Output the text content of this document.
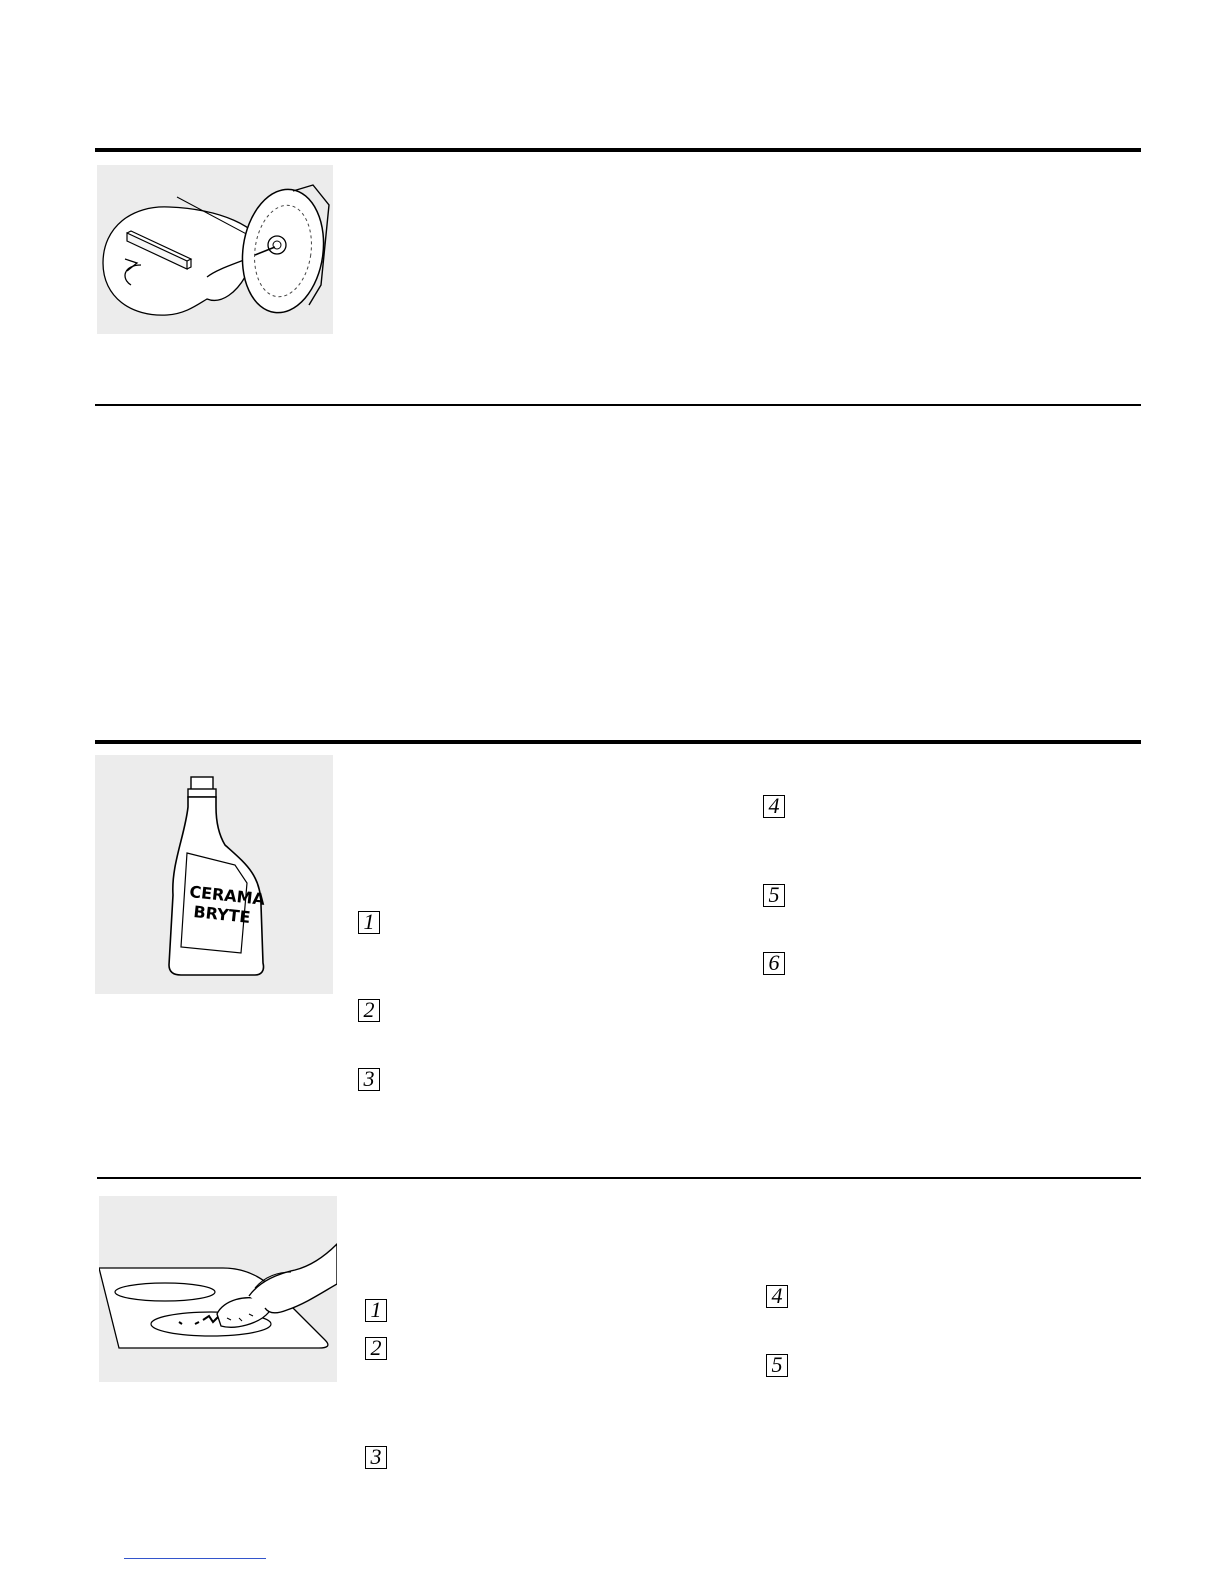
CERAMA
BRYTE	1
2
3
4
5
6
1
2
3
4
5
